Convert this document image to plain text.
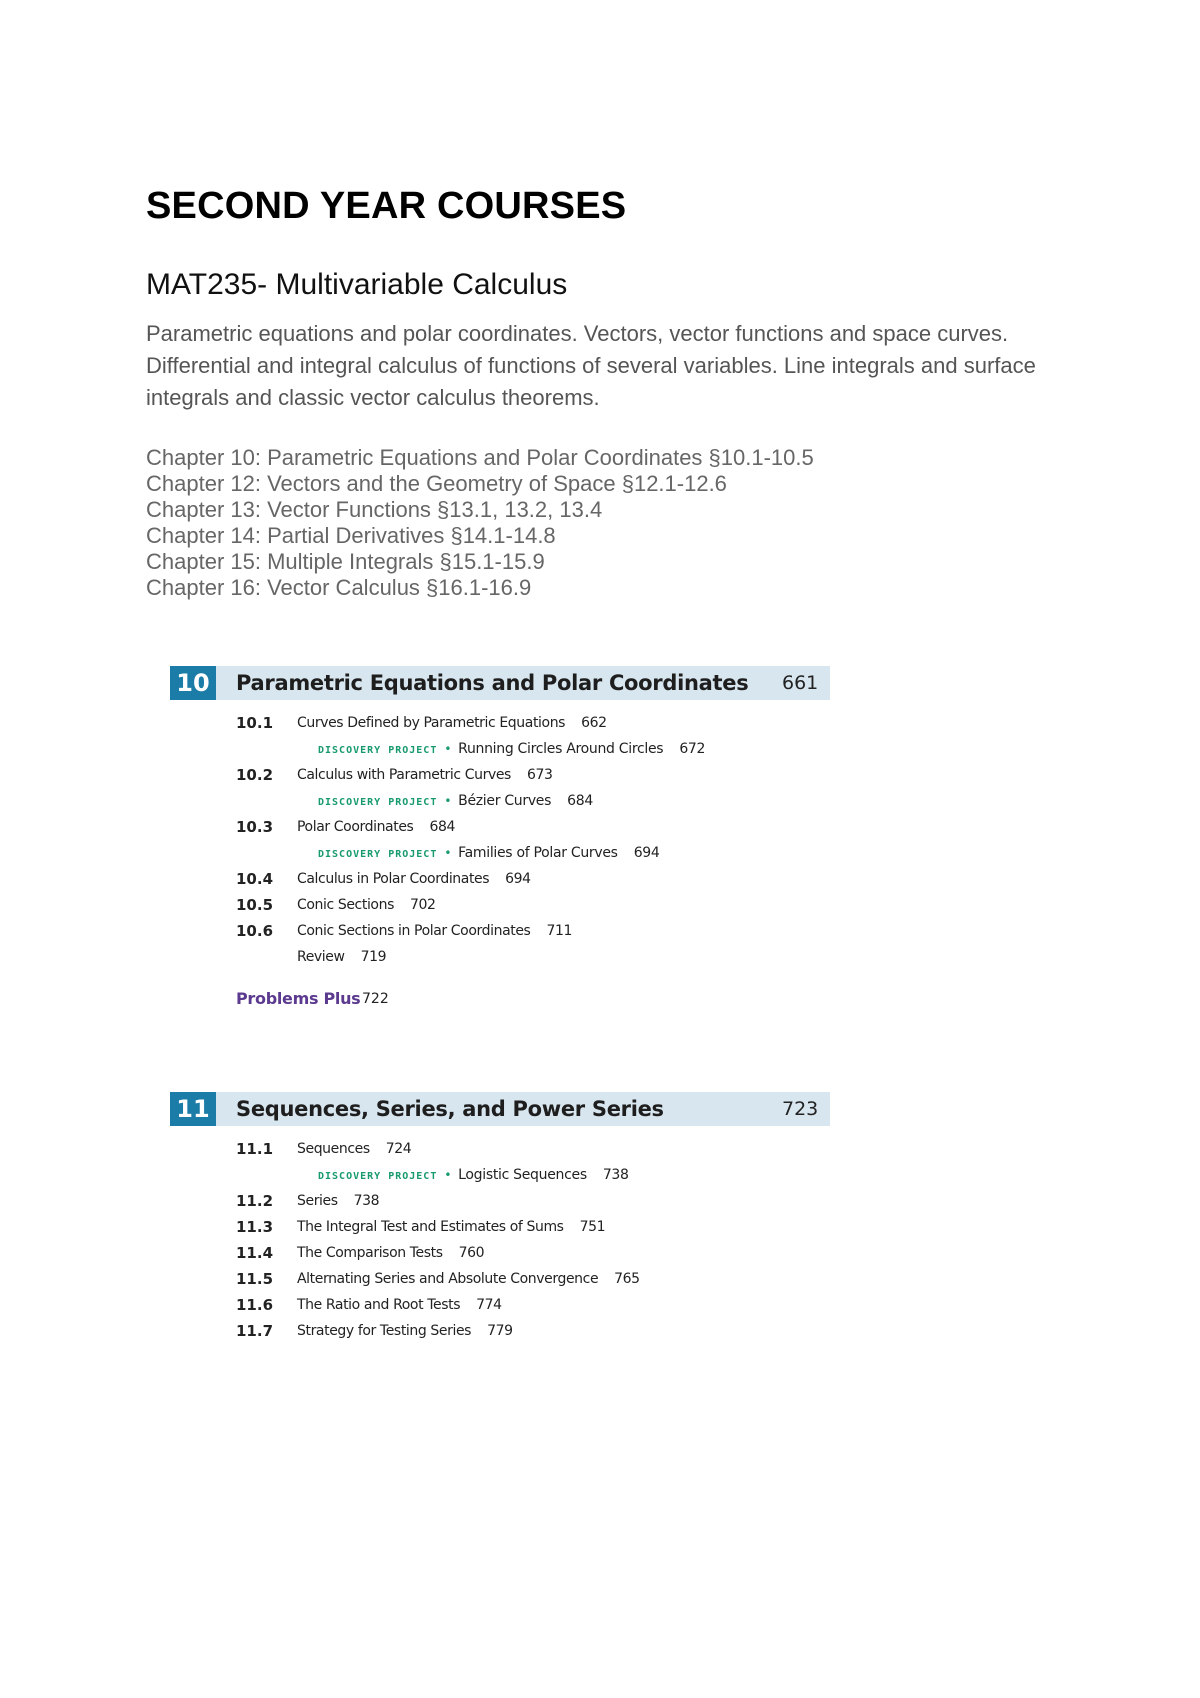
SECOND YEAR COURSES
MAT235- Multivariable Calculus
Parametric equations and polar coordinates. Vectors, vector functions and space curves. Differential and integral calculus of functions of several variables. Line integrals and surface integrals and classic vector calculus theorems.
Chapter 10: Parametric Equations and Polar Coordinates §10.1-10.5
Chapter 12: Vectors and the Geometry of Space §12.1-12.6
Chapter 13: Vector Functions §13.1, 13.2, 13.4
Chapter 14: Partial Derivatives §14.1-14.8
Chapter 15: Multiple Integrals §15.1-15.9
Chapter 16: Vector Calculus §16.1-16.9
10 Parametric Equations and Polar Coordinates 661
10.1 Curves Defined by Parametric Equations 662
DISCOVERY PROJECT • Running Circles Around Circles 672
10.2 Calculus with Parametric Curves 673
DISCOVERY PROJECT • Bézier Curves 684
10.3 Polar Coordinates 684
DISCOVERY PROJECT • Families of Polar Curves 694
10.4 Calculus in Polar Coordinates 694
10.5 Conic Sections 702
10.6 Conic Sections in Polar Coordinates 711
Review 719
Problems Plus 722
11 Sequences, Series, and Power Series	723
11.1 Sequences 724
DISCOVERY PROJECT • Logistic Sequences 738
11.2 Series 738
11.3 The Integral Test and Estimates of Sums 751
11.4 The Comparison Tests 760
11.5 Alternating Series and Absolute Convergence 765
11.6 The Ratio and Root Tests 774
11.7 Strategy for Testing Series 779
